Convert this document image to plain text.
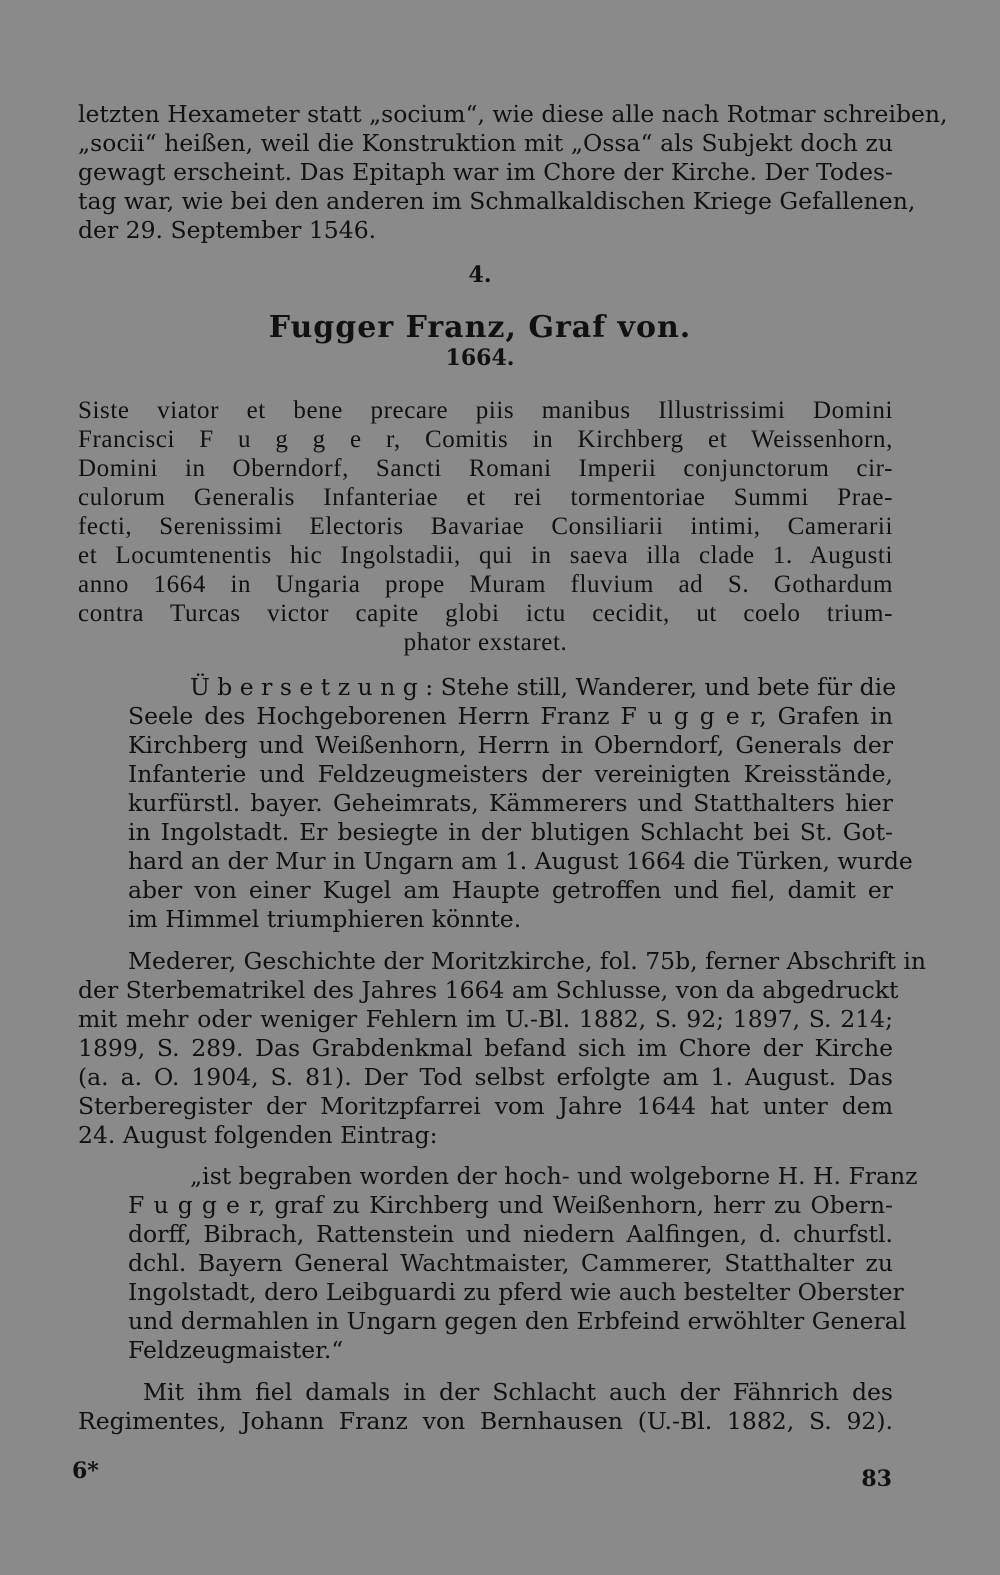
letzten Hexameter statt „socium“, wie diese alle nach Rotmar schreiben,
„socii“ heißen, weil die Konstruktion mit „Ossa“ als Subjekt doch zu
gewagt erscheint. Das Epitaph war im Chore der Kirche. Der Todes-
tag war, wie bei den anderen im Schmalkaldischen Kriege Gefallenen,
der 29. September 1546.
4.
Fugger Franz, Graf von.
1664.
Siste viator et bene precare piis manibus Illustrissimi Domini
Francisci F u g g e r, Comitis in Kirchberg et Weissenhorn,
Domini in Oberndorf, Sancti Romani Imperii conjunctorum cir-
culorum Generalis Infanteriae et rei tormentoriae Summi Prae-
fecti, Serenissimi Electoris Bavariae Consiliarii intimi, Camerarii
et Locumtenentis hic Ingolstadii, qui in saeva illa clade 1. Augusti
anno 1664 in Ungaria prope Muram fluvium ad S. Gothardum
contra Turcas victor capite globi ictu cecidit, ut coelo trium-
phator exstaret.
Ü b e r s e t z u n g : Stehe still, Wanderer, und bete für die
Seele des Hochgeborenen Herrn Franz F u g g e r, Grafen in
Kirchberg und Weißenhorn, Herrn in Oberndorf, Generals der
Infanterie und Feldzeugmeisters der vereinigten Kreisstände,
kurfürstl. bayer. Geheimrats, Kämmerers und Statthalters hier
in Ingolstadt. Er besiegte in der blutigen Schlacht bei St. Got-
hard an der Mur in Ungarn am 1. August 1664 die Türken, wurde
aber von einer Kugel am Haupte getroffen und fiel, damit er
im Himmel triumphieren könnte.
Mederer, Geschichte der Moritzkirche, fol. 75b, ferner Abschrift in
der Sterbematrikel des Jahres 1664 am Schlusse, von da abgedruckt
mit mehr oder weniger Fehlern im U.-Bl. 1882, S. 92; 1897, S. 214;
1899, S. 289. Das Grabdenkmal befand sich im Chore der Kirche
(a. a. O. 1904, S. 81). Der Tod selbst erfolgte am 1. August. Das
Sterberegister der Moritzpfarrei vom Jahre 1644 hat unter dem
24. August folgenden Eintrag:
„ist begraben worden der hoch- und wolgeborne H. H. Franz
F u g g e r, graf zu Kirchberg und Weißenhorn, herr zu Obern-
dorff, Bibrach, Rattenstein und niedern Aalfingen, d. churfstl.
dchl. Bayern General Wachtmaister, Cammerer, Statthalter zu
Ingolstadt, dero Leibguardi zu pferd wie auch bestelter Oberster
und dermahlen in Ungarn gegen den Erbfeind erwöhlter General
Feldzeugmaister.“
Mit ihm fiel damals in der Schlacht auch der Fähnrich des
Regimentes, Johann Franz von Bernhausen (U.-Bl. 1882, S. 92).
6*	83
